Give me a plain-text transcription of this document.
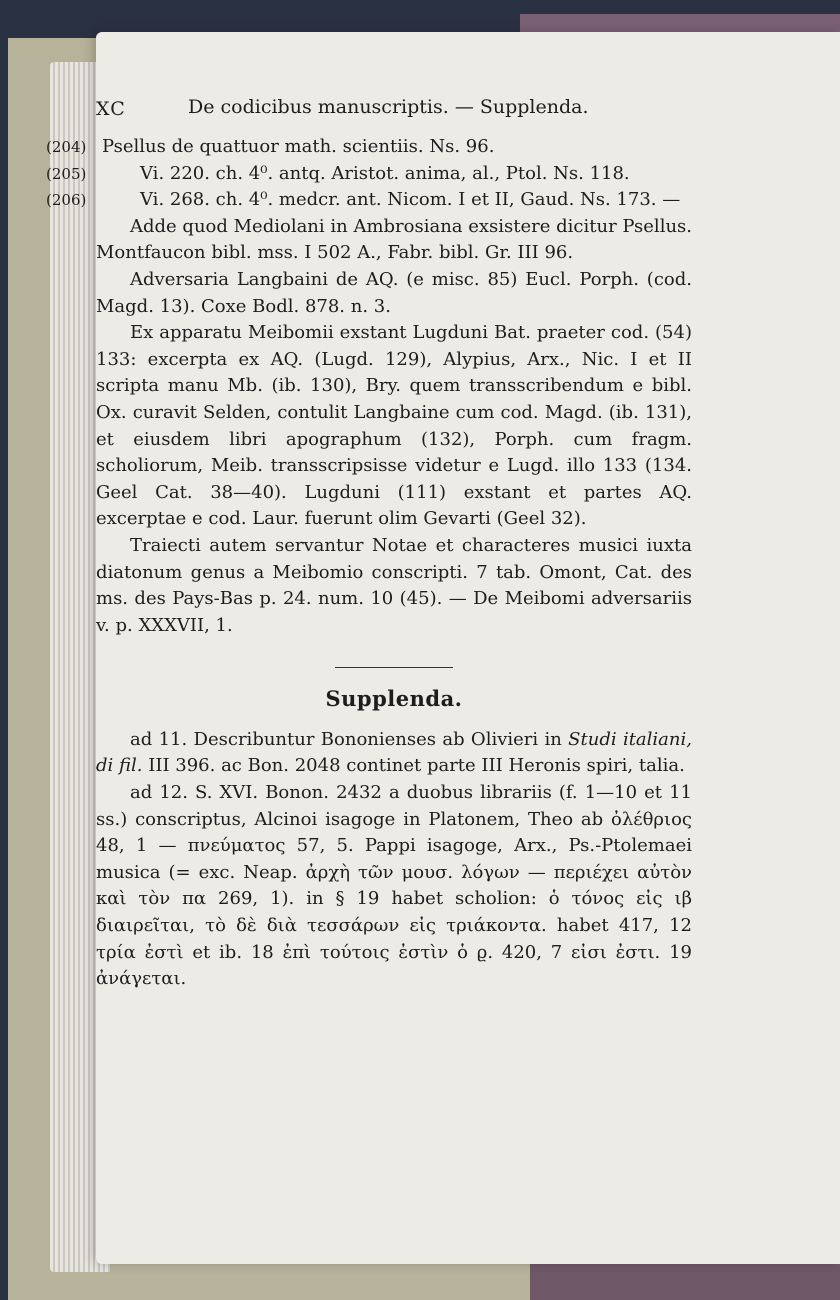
XC	De codicibus manuscriptis. — Supplenda.
(204) Psellus de quattuor math. scientiis. Ns. 96.
(205)	Vi. 220. ch. 4⁰. antq. Aristot. anima, al., Ptol. Ns. 118.
(206)	Vi. 268. ch. 4⁰. medcr. ant. Nicom. I et II, Gaud. Ns. 173. —

Adde quod Mediolani in Ambrosiana exsistere dicitur Psellus. Montfaucon bibl. mss. I 502 A., Fabr. bibl. Gr. III 96.

Adversaria Langbaini de AQ. (e misc. 85) Eucl. Porph. (cod. Magd. 13). Coxe Bodl. 878. n. 3.

Ex apparatu Meibomii exstant Lugduni Bat. praeter cod. (54) 133: excerpta ex AQ. (Lugd. 129), Alypius, Arx., Nic. I et II scripta manu Mb. (ib. 130), Bry. quem transscribendum e bibl. Ox. curavit Selden, contulit Langbaine cum cod. Magd. (ib. 131), et eiusdem libri apographum (132), Porph. cum fragm. scholiorum, Meib. transscripsisse videtur e Lugd. illo 133 (134. Geel Cat. 38—40). Lugduni (111) exstant et partes AQ. excerptae e cod. Laur. fuerunt olim Gevarti (Geel 32).

Traiecti autem servantur Notae et characteres musici iuxta diatonum genus a Meibomio conscripti. 7 tab. Omont, Cat. des ms. des Pays-Bas p. 24. num. 10 (45). — De Meibomi adversariis v. p. XXXVII, 1.

Supplenda.

ad 11. Describuntur Bononienses ab Olivieri in Studi italiani, di fil. III 396. ac Bon. 2048 continet parte III Heronis spiri, talia.

ad 12. S. XVI. Bonon. 2432 a duobus librariis (f. 1—10 et 11 ss.) conscriptus, Alcinoi isagoge in Platonem, Theo ab ὀλέθριος 48, 1 — πνεύματος 57, 5. Pappi isagoge, Arx., Ps.-Ptolemaei musica (= exc. Neap. ἀρχὴ τῶν μουσ. λόγων — περιέχει αὐτὸν καὶ τὸν πα 269, 1). in § 19 habet scholion: ὁ τόνος εἰς ιβ διαιρεῖται, τὸ δὲ διὰ τεσσάρων εἰς τριάκοντα. habet 417, 12 τρία ἐστὶ et ib. 18 ἐπὶ τούτοις ἐστὶν ὁ ϱ. 420, 7 εἰσι ἐστι. 19 ἀνάγεται.
